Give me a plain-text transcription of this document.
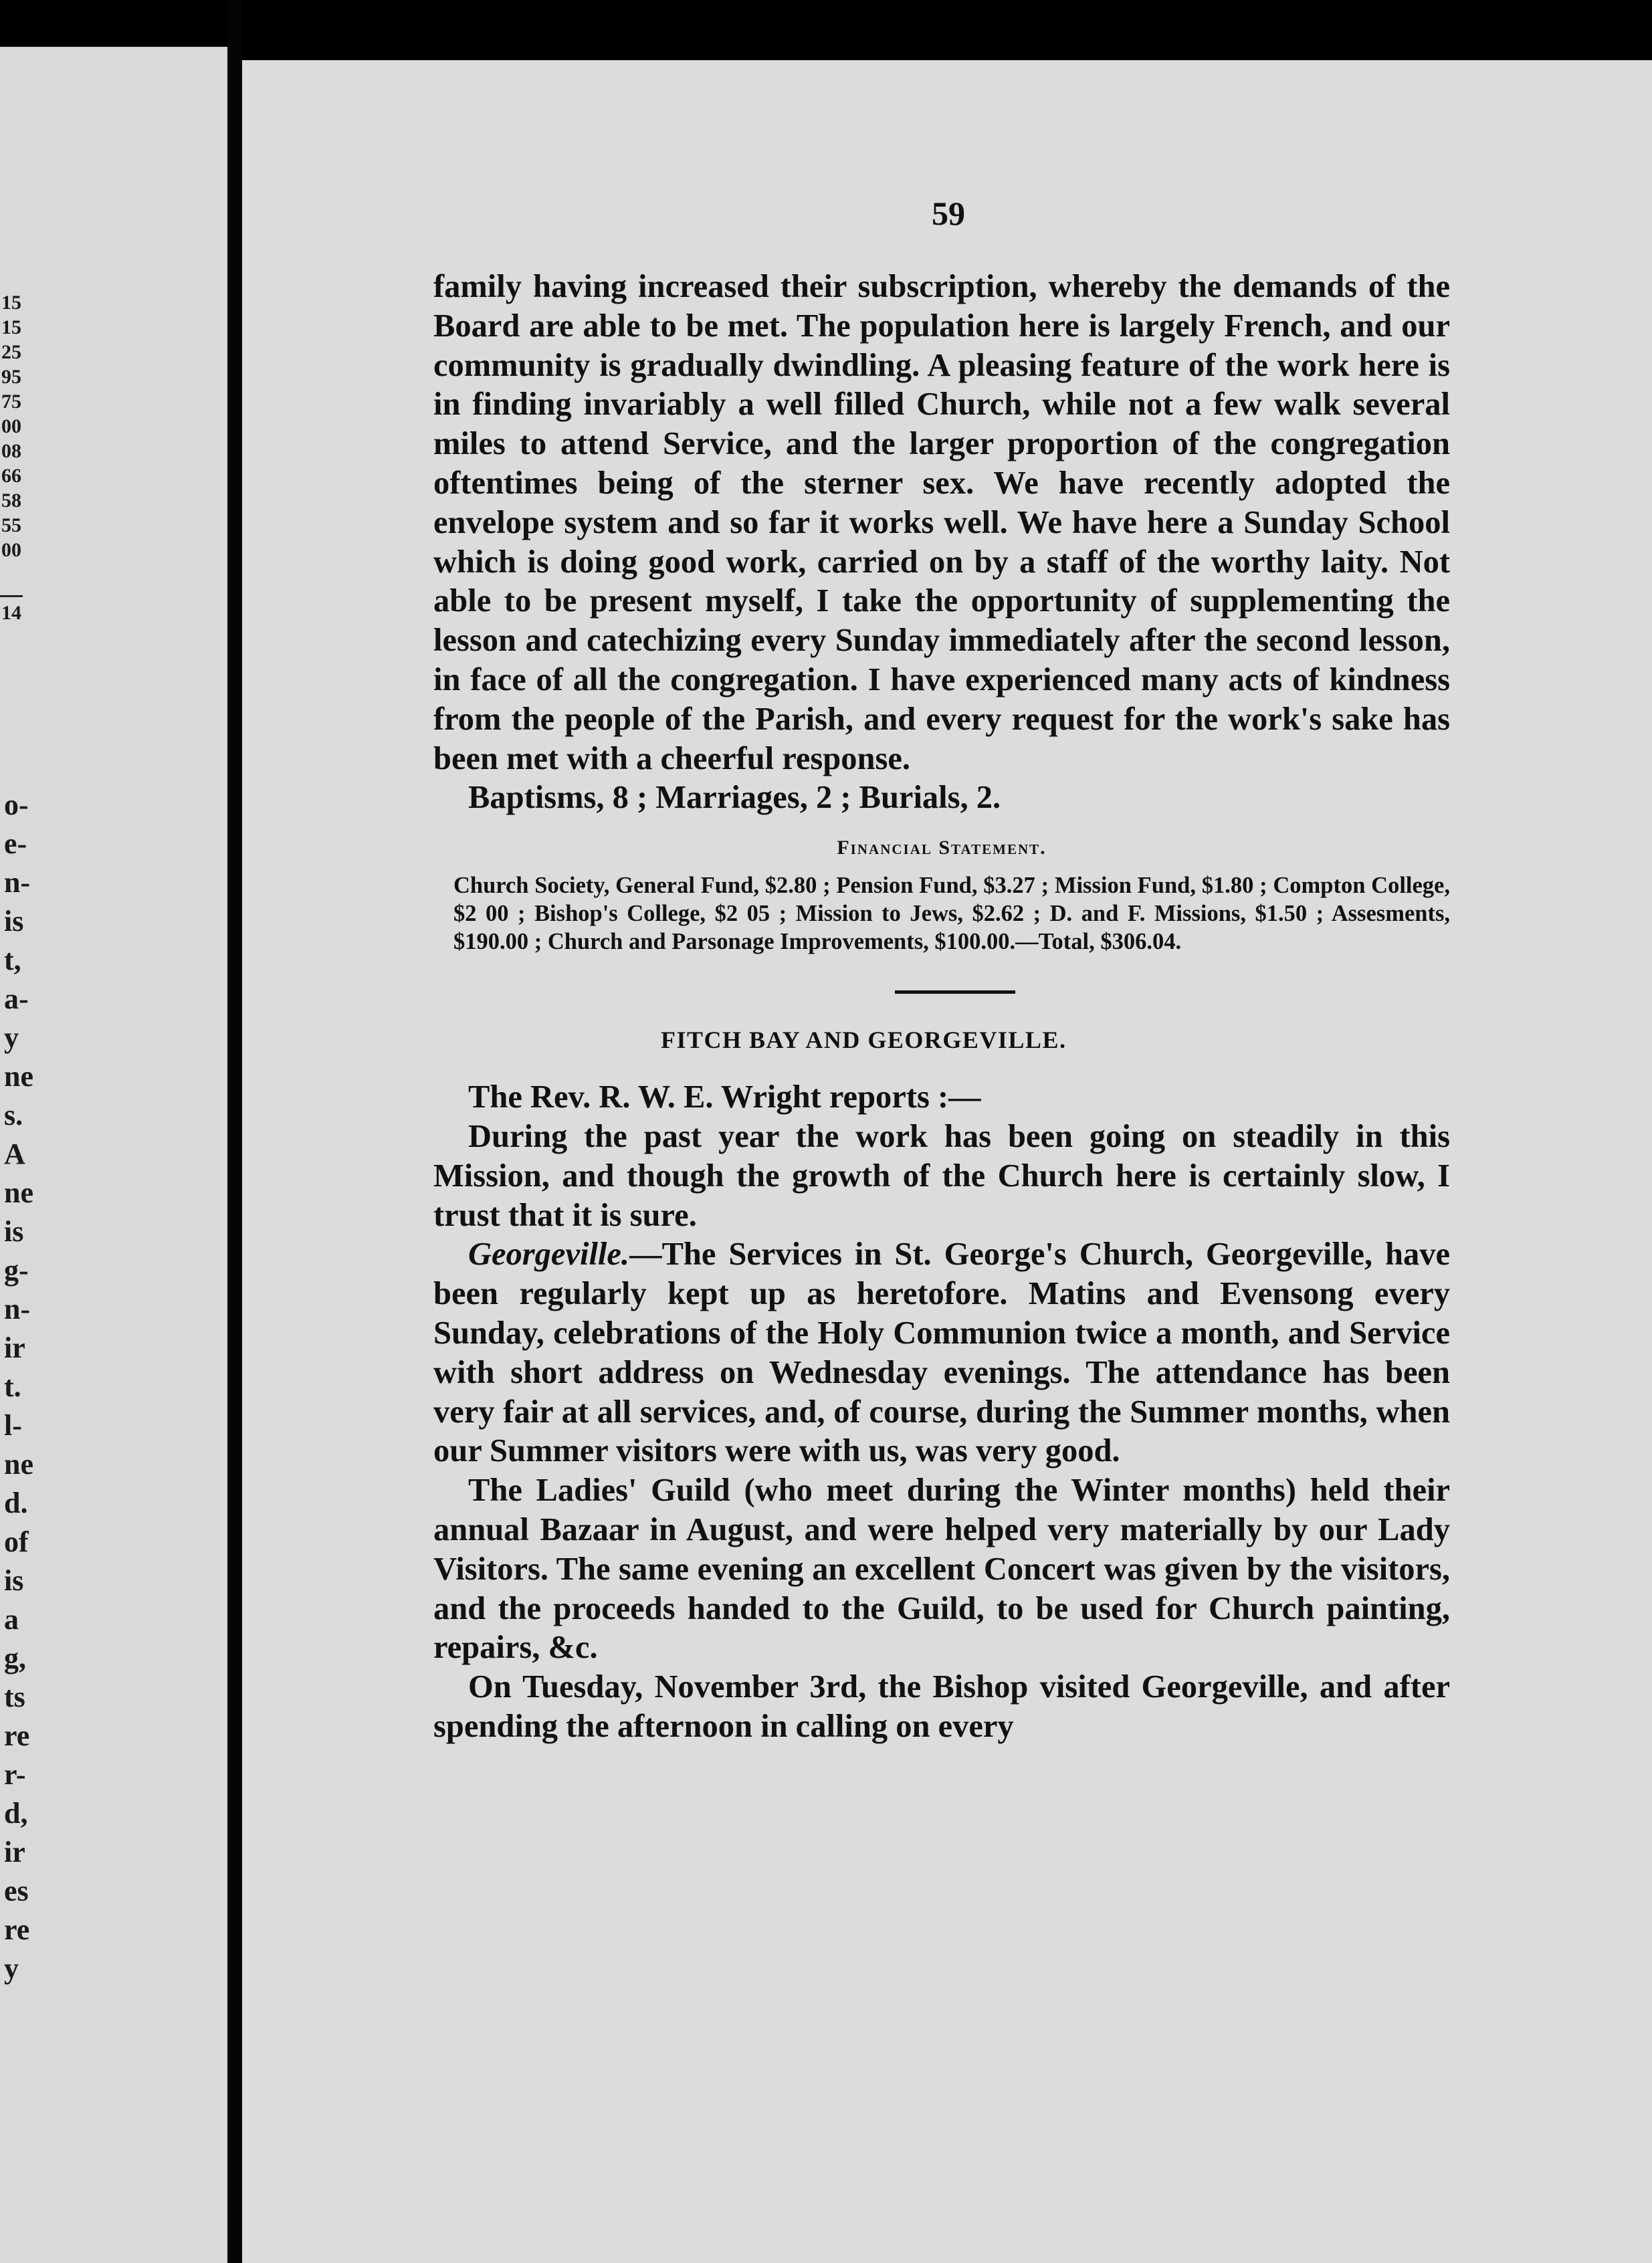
15
15
25
95
75
00
08
66
58
55
00
14
o-
e-
n-
is
t,
a-
y
ne
s.
A
ne
is
g-
n-
ir
t.
l-
ne
d.
of
is
a
g,
ts
re
r-
d,
ir
es
re
y
59

family having increased their subscription, whereby the demands of the Board are able to be met. The population here is largely French, and our community is gradually dwindling. A pleasing feature of the work here is in finding invariably a well filled Church, while not a few walk several miles to attend Service, and the larger proportion of the congregation oftentimes being of the sterner sex. We have recently adopted the envelope system and so far it works well. We have here a Sunday School which is doing good work, carried on by a staff of the worthy laity. Not able to be present myself, I take the opportunity of supplementing the lesson and catechizing every Sunday immediately after the second lesson, in face of all the congregation. I have experienced many acts of kindness from the people of the Parish, and every request for the work's sake has been met with a cheerful response.

Baptisms, 8 ; Marriages, 2 ; Burials, 2.

Financial Statement.

Church Society, General Fund, $2.80 ; Pension Fund, $3.27 ; Mission Fund, $1.80 ; Compton College, $2 00 ; Bishop's College, $2 05 ; Mission to Jews, $2.62 ; D. and F. Missions, $1.50 ; Assesments, $190.00 ; Church and Parsonage Improvements, $100.00.—Total, $306.04.

FITCH BAY AND GEORGEVILLE.

The Rev. R. W. E. Wright reports :—

During the past year the work has been going on steadily in this Mission, and though the growth of the Church here is certainly slow, I trust that it is sure.

Georgeville.—The Services in St. George's Church, Georgeville, have been regularly kept up as heretofore. Matins and Evensong every Sunday, celebrations of the Holy Communion twice a month, and Service with short address on Wednesday evenings. The attendance has been very fair at all services, and, of course, during the Summer months, when our Summer visitors were with us, was very good.

The Ladies' Guild (who meet during the Winter months) held their annual Bazaar in August, and were helped very materially by our Lady Visitors. The same evening an excellent Concert was given by the visitors, and the proceeds handed to the Guild, to be used for Church painting, repairs, &c.

On Tuesday, November 3rd, the Bishop visited Georgeville, and after spending the afternoon in calling on every
